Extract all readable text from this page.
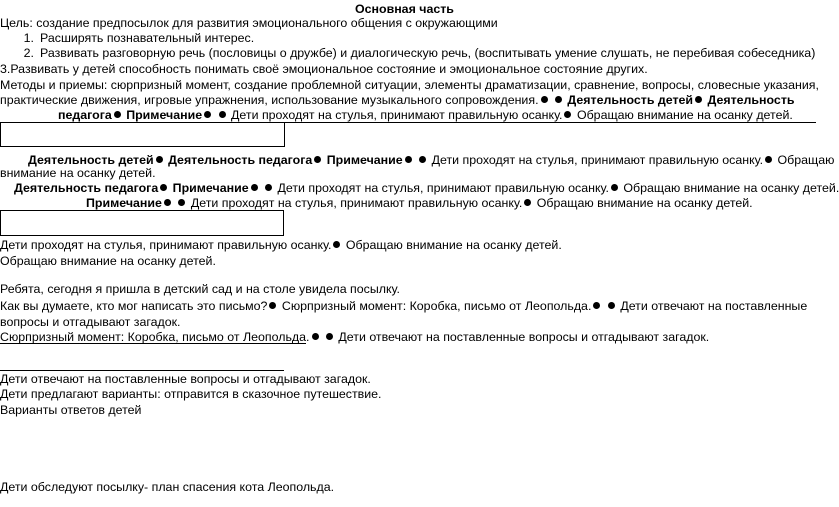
Основная часть
Цель: создание предпосылок для развития эмоционального общения с окружающими
1. Расширять познавательный интерес.
2. Развивать разговорную речь (пословицы о дружбе) и диалогическую речь, (воспитывать умение слушать, не перебивая собеседника)
3.Развивать у детей способность понимать своё эмоциональное состояние и эмоциональное состояние других.
Методы и приемы: сюрпризный момент, создание проблемной ситуации, элементы драматизации, сравнение, вопросы, словесные указания,
практические движения, игровые упражнения, использование музыкального сопровождения. Деятельность детей Деятельность
педагога Примечание Дети проходят на стулья, принимают правильную осанку. Обращаю внимание на осанку детей.
Деятельность детей Деятельность педагога Примечание Дети проходят на стулья, принимают правильную осанку. Обращаю
внимание на осанку детей.
Деятельность педагога Примечание Дети проходят на стулья, принимают правильную осанку. Обращаю внимание на осанку детей.
Примечание Дети проходят на стулья, принимают правильную осанку. Обращаю внимание на осанку детей.
Дети проходят на стулья, принимают правильную осанку. Обращаю внимание на осанку детей.
Обращаю внимание на осанку детей.
Ребята, сегодня я пришла в детский сад и на столе увидела посылку.
Как вы думаете, кто мог написать это письмо? Сюрпризный момент: Коробка, письмо от Леопольда. Дети отвечают на поставленные
вопросы и отгадывают загадок.
Сюрпризный момент: Коробка, письмо от Леопольда. Дети отвечают на поставленные вопросы и отгадывают загадок.
Дети отвечают на поставленные вопросы и отгадывают загадок.
Дети предлагают варианты: отправится в сказочное путешествие.
Варианты ответов детей
Дети обследуют посылку- план спасения кота Леопольда.
